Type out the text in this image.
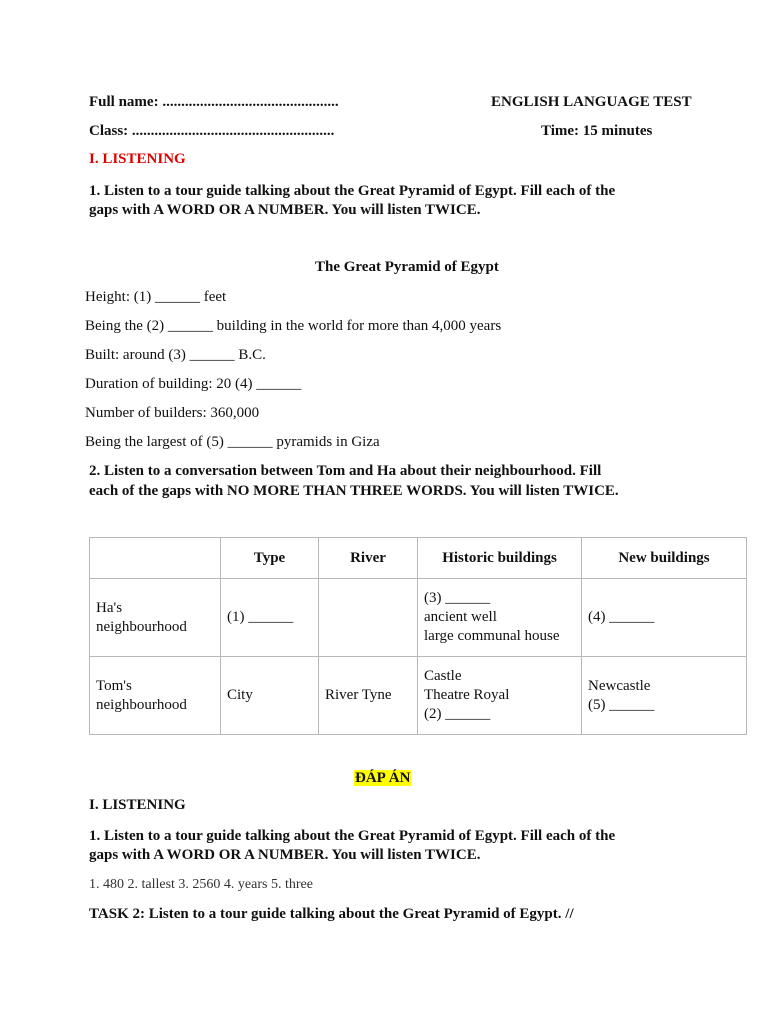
Full name: ...............................................	ENGLISH LANGUAGE TEST
Class: ......................................................	Time: 15 minutes
I. LISTENING
1. Listen to a tour guide talking about the Great Pyramid of Egypt. Fill each of the
gaps with A WORD OR A NUMBER. You will listen TWICE.
The Great Pyramid of Egypt
Height: (1) ______ feet
Being the (2) ______ building in the world for more than 4,000 years
Built: around (3) ______ B.C.
Duration of building: 20 (4) ______
Number of builders: 360,000
Being the largest of (5) ______ pyramids in Giza
2. Listen to a conversation between Tom and Ha about their neighbourhood. Fill
each of the gaps with NO MORE THAN THREE WORDS. You will listen TWICE.
	Type	River	Historic buildings	New buildings

Ha's
neighbourhood	(1) ______		(3) ______
ancient well
large communal house	(4) ______

Tom's
neighbourhood	City	River Tyne	Castle
Theatre Royal
(2) ______	Newcastle
(5) ______
ĐÁP ÁN
I. LISTENING
1. Listen to a tour guide talking about the Great Pyramid of Egypt. Fill each of the
gaps with A WORD OR A NUMBER. You will listen TWICE.
1. 480 2. tallest 3. 2560 4. years 5. three
TASK 2: Listen to a tour guide talking about the Great Pyramid of Egypt. //
